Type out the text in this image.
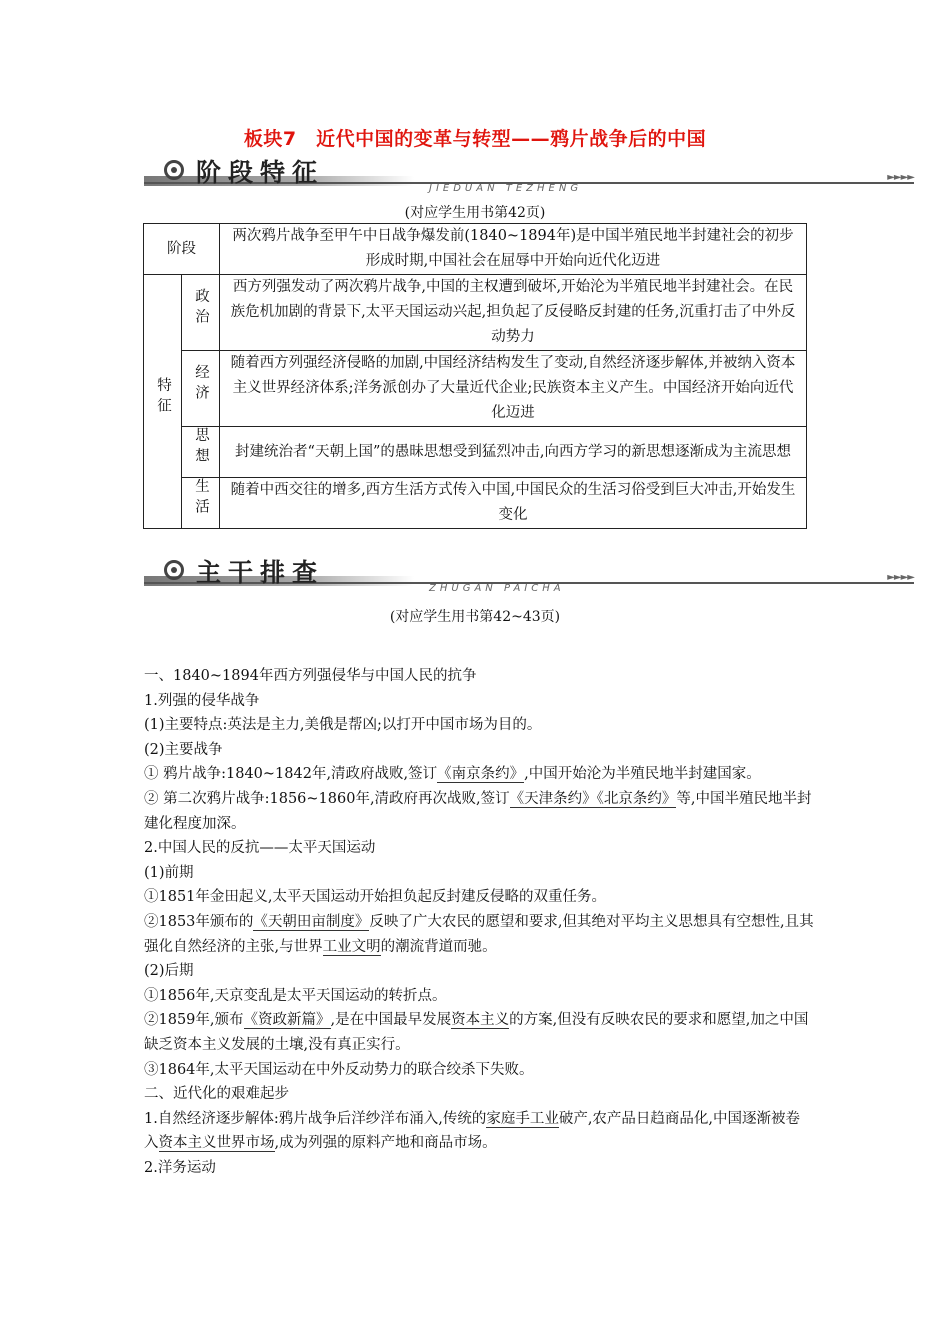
板块7　近代中国的变革与转型——鸦片战争后的中国
阶段特征
JIEDUAN TEZHENG
►►►►
(对应学生用书第42页)
阶段		两次鸦片战争至甲午中日战争爆发前(1840~1894年)是中国半殖民地半封建社会的初步形成时期,中国社会在屈辱中开始向近代化迈进
特征	政治	西方列强发动了两次鸦片战争,中国的主权遭到破坏,开始沦为半殖民地半封建社会。在民族危机加剧的背景下,太平天国运动兴起,担负起了反侵略反封建的任务,沉重打击了中外反动势力
	经济	随着西方列强经济侵略的加剧,中国经济结构发生了变动,自然经济逐步解体,并被纳入资本主义世界经济体系;洋务派创办了大量近代企业;民族资本主义产生。中国经济开始向近代化迈进
	思想	封建统治者“天朝上国”的愚昧思想受到猛烈冲击,向西方学习的新思想逐渐成为主流思想
	生活	随着中西交往的增多,西方生活方式传入中国,中国民众的生活习俗受到巨大冲击,开始发生变化
主干排查
ZHUGAN PAICHA
►►►►
(对应学生用书第42~43页)

一、1840~1894年西方列强侵华与中国人民的抗争

1.列强的侵华战争

(1)主要特点:英法是主力,美俄是帮凶;以打开中国市场为目的。

(2)主要战争

① 鸦片战争:1840~1842年,清政府战败,签订《南京条约》,中国开始沦为半殖民地半封建国家。

② 第二次鸦片战争:1856~1860年,清政府再次战败,签订《天津条约》《北京条约》等,中国半殖民地半封建化程度加深。

2.中国人民的反抗——太平天国运动

(1)前期

①1851年金田起义,太平天国运动开始担负起反封建反侵略的双重任务。

②1853年颁布的《天朝田亩制度》反映了广大农民的愿望和要求,但其绝对平均主义思想具有空想性,且其强化自然经济的主张,与世界工业文明的潮流背道而驰。

(2)后期

①1856年,天京变乱是太平天国运动的转折点。

②1859年,颁布《资政新篇》,是在中国最早发展资本主义的方案,但没有反映农民的要求和愿望,加之中国缺乏资本主义发展的土壤,没有真正实行。

③1864年,太平天国运动在中外反动势力的联合绞杀下失败。

二、近代化的艰难起步

1.自然经济逐步解体:鸦片战争后洋纱洋布涌入,传统的家庭手工业破产,农产品日趋商品化,中国逐渐被卷入资本主义世界市场,成为列强的原料产地和商品市场。

2.洋务运动
